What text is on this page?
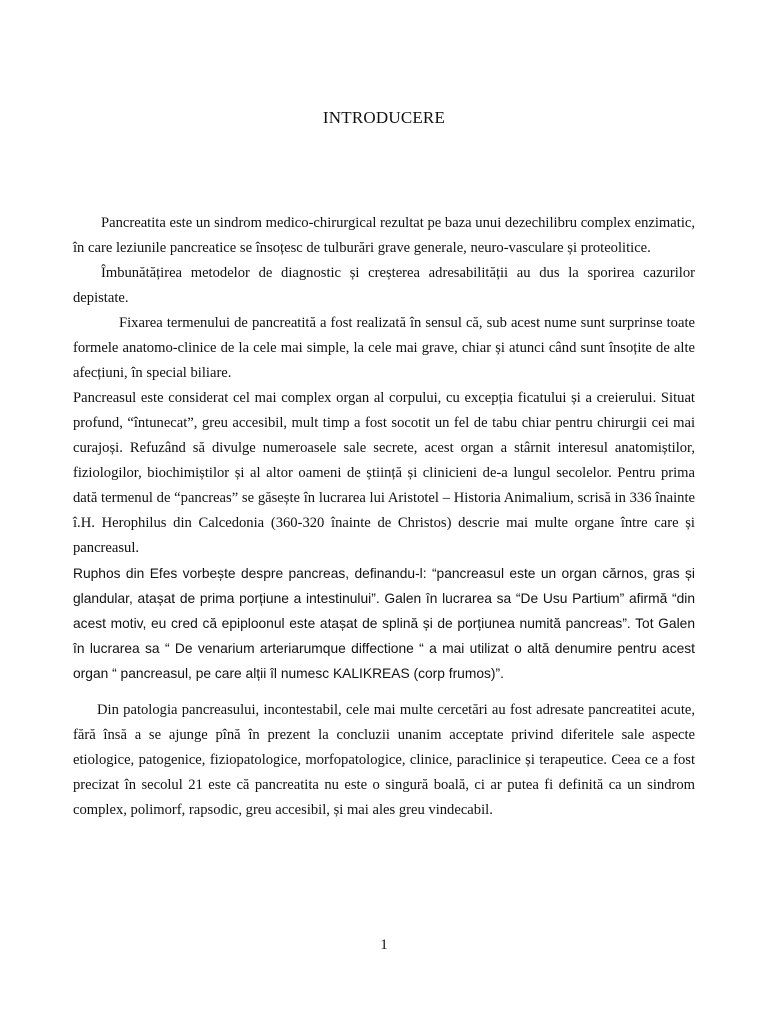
INTRODUCERE

Pancreatita este un sindrom medico-chirurgical rezultat pe baza unui dezechilibru complex enzimatic, în care leziunile pancreatice se însoțesc de tulburări grave generale, neuro-vasculare și proteolitice.

Îmbunătățirea metodelor de diagnostic și creșterea adresabilității au dus la sporirea cazurilor depistate.

Fixarea termenului de pancreatită a fost realizată în sensul că, sub acest nume sunt surprinse toate formele anatomo-clinice de la cele mai simple, la cele mai grave, chiar și atunci când sunt însoțite de alte afecțiuni, în special biliare.

Pancreasul este considerat cel mai complex organ al corpului, cu excepția ficatului și a creierului. Situat profund, “întunecat”, greu accesibil, mult timp a fost socotit un fel de tabu chiar pentru chirurgii cei mai curajoși. Refuzând să divulge numeroasele sale secrete, acest organ a stârnit interesul anatomiștilor, fiziologilor, biochimiștilor și al altor oameni de știință și clinicieni de-a lungul secolelor. Pentru prima dată termenul de “pancreas” se găsește în lucrarea lui Aristotel – Historia Animalium, scrisă in 336 înainte î.H. Herophilus din Calcedonia (360-320 înainte de Christos) descrie mai multe organe între care și pancreasul.

Ruphos din Efes vorbește despre pancreas, definandu-l: “pancreasul este un organ cărnos, gras și glandular, atașat de prima porțiune a intestinului”. Galen în lucrarea sa “De Usu Partium” afirmă “din acest motiv, eu cred că epiploonul este atașat de splină și de porțiunea numită pancreas”. Tot Galen în lucrarea sa “ De venarium arteriarumque diffectione “ a mai utilizat o altă denumire pentru acest organ “ pancreasul, pe care alții îl numesc KALIKREAS (corp frumos)”.

Din patologia pancreasului, incontestabil, cele mai multe cercetări au fost adresate pancreatitei acute, fără însă a se ajunge pînă în prezent la concluzii unanim acceptate privind diferitele sale aspecte etiologice, patogenice, fiziopatologice, morfopatologice, clinice, paraclinice și terapeutice. Ceea ce a fost precizat în secolul 21 este că pancreatita nu este o singură boală, ci ar putea fi definită ca un sindrom complex, polimorf, rapsodic, greu accesibil, și mai ales greu vindecabil.

1
